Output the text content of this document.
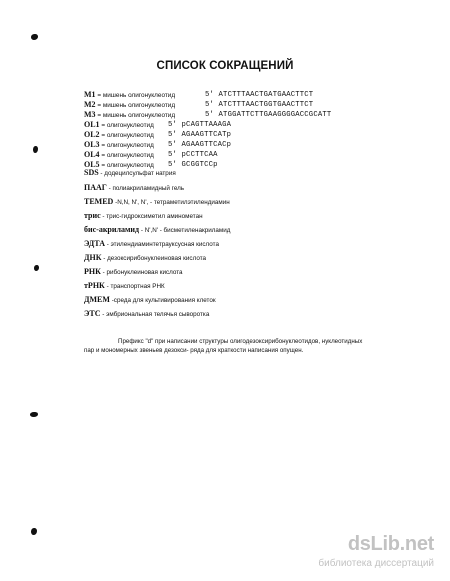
СПИСОК СОКРАЩЕНИЙ
M1 = мишень олигонуклеотид	5' ATCTTTAACTGATGAACTTCT
M2 = мишень олигонуклеотид	5' ATCTTTAACTGGTGAACTTCT
M3 = мишень олигонуклеотид	5' ATGGATTCTTGAAGGGGACCGCATT
OL1 = олигонуклеотид 5' pCAGTTAAAGA
OL2 = олигонуклеотид 5' AGAAGTTCATp
OL3 = олигонуклеотид 5' AGAAGTTCACp
OL4 = олигонуклеотид 5' pCCTTCAA
OL5 = олигонуклеотид 5' GCGGTCCp
SDS - додецилсульфат натрия
ПААГ - полиакриламидный гель
ТЕМЕD -N,N, N', N', - тетраметилэтилендиамин
трис - трис-гидроксиметил аминометан
бис-акриламид - N',N' - бисметиленакриламид
ЭДТА - этилендиаминтетрауксусная кислота
ДНК - дезоксирибонуклеиновая кислота
РНК - рибонуклеиновая кислота
тРНК - транспортная РНК
ДМЕМ -среда для культивирования клеток
ЭТС - эмбриональная телячья сыворотка
Префикс "d" при написании структуры олигодезоксирибонуклеотидов, нуклеотидных пар и мономерных звеньев дезокси- ряда для краткости написания опущен.
dsLib.net
библиотека диссертаций
